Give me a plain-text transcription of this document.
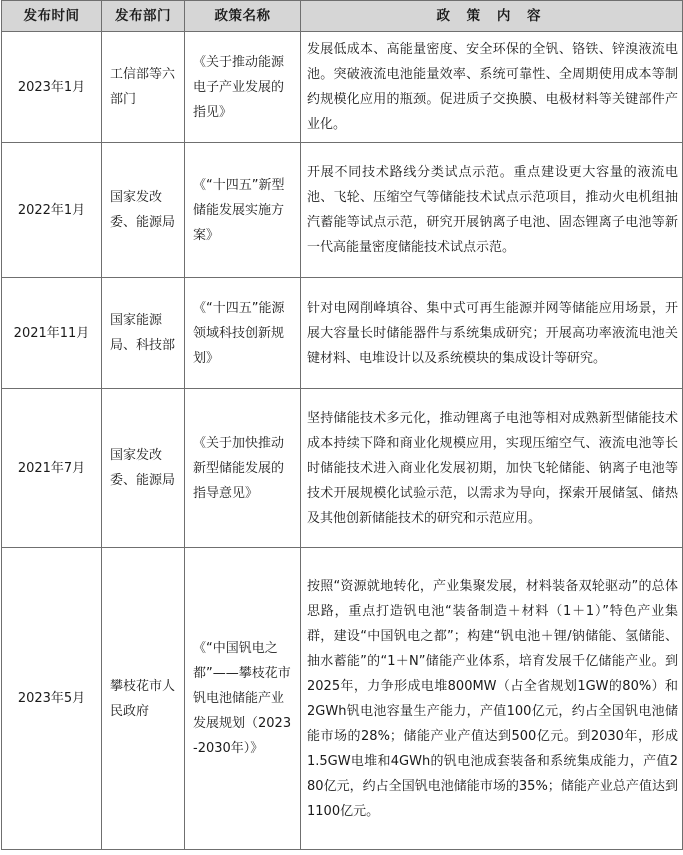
发布时间	发布部门	政策名称	政 策 内 容
2023年1月	工信部等六部门	《关于推动能源电子产业发展的指见》	发展低成本、高能量密度、安全环保的全钒、铬铁、锌溴液流电池。突破液流电池能量效率、系统可靠性、全周期使用成本等制约规模化应用的瓶颈。促进质子交换膜、电极材料等关键部件产业化。
2022年1月	国家发改委、能源局	《“十四五”新型储能发展实施方案》	开展不同技术路线分类试点示范。重点建设更大容量的液流电池、飞轮、压缩空气等储能技术试点示范项目，推动火电机组抽汽蓄能等试点示范，研究开展钠离子电池、固态锂离子电池等新一代高能量密度储能技术试点示范。
2021年11月	国家能源局、科技部	《“十四五”能源领域科技创新规划》	针对电网削峰填谷、集中式可再生能源并网等储能应用场景，开展大容量长时储能器件与系统集成研究；开展高功率液流电池关键材料、电堆设计以及系统模块的集成设计等研究。
2021年7月	国家发改委、能源局	《关于加快推动新型储能发展的指导意见》	坚持储能技术多元化，推动锂离子电池等相对成熟新型储能技术成本持续下降和商业化规模应用，实现压缩空气、液流电池等长时储能技术进入商业化发展初期，加快飞轮储能、钠离子电池等技术开展规模化试验示范，以需求为导向，探索开展储氢、储热及其他创新储能技术的研究和示范应用。
2023年5月	攀枝花市人民政府	《“中国钒电之都”——攀枝花市钒电池储能产业发展规划（2023-2030年）》	按照“资源就地转化，产业集聚发展，材料装备双轮驱动”的总体思路，重点打造钒电池“装备制造＋材料（1＋1）”特色产业集群，建设“中国钒电之都”；构建“钒电池＋锂/钠储能、氢储能、抽水蓄能”的“1＋N”储能产业体系，培育发展千亿储能产业。到2025年，力争形成电堆800MW（占全省规划1GW的80%）和2GWh钒电池容量生产能力，产值100亿元，约占全国钒电池储能市场的28%；储能产业产值达到500亿元。到2030年，形成1.5GW电堆和4GWh的钒电池成套装备和系统集成能力，产值280亿元，约占全国钒电池储能市场的35%；储能产业总产值达到1100亿元。
